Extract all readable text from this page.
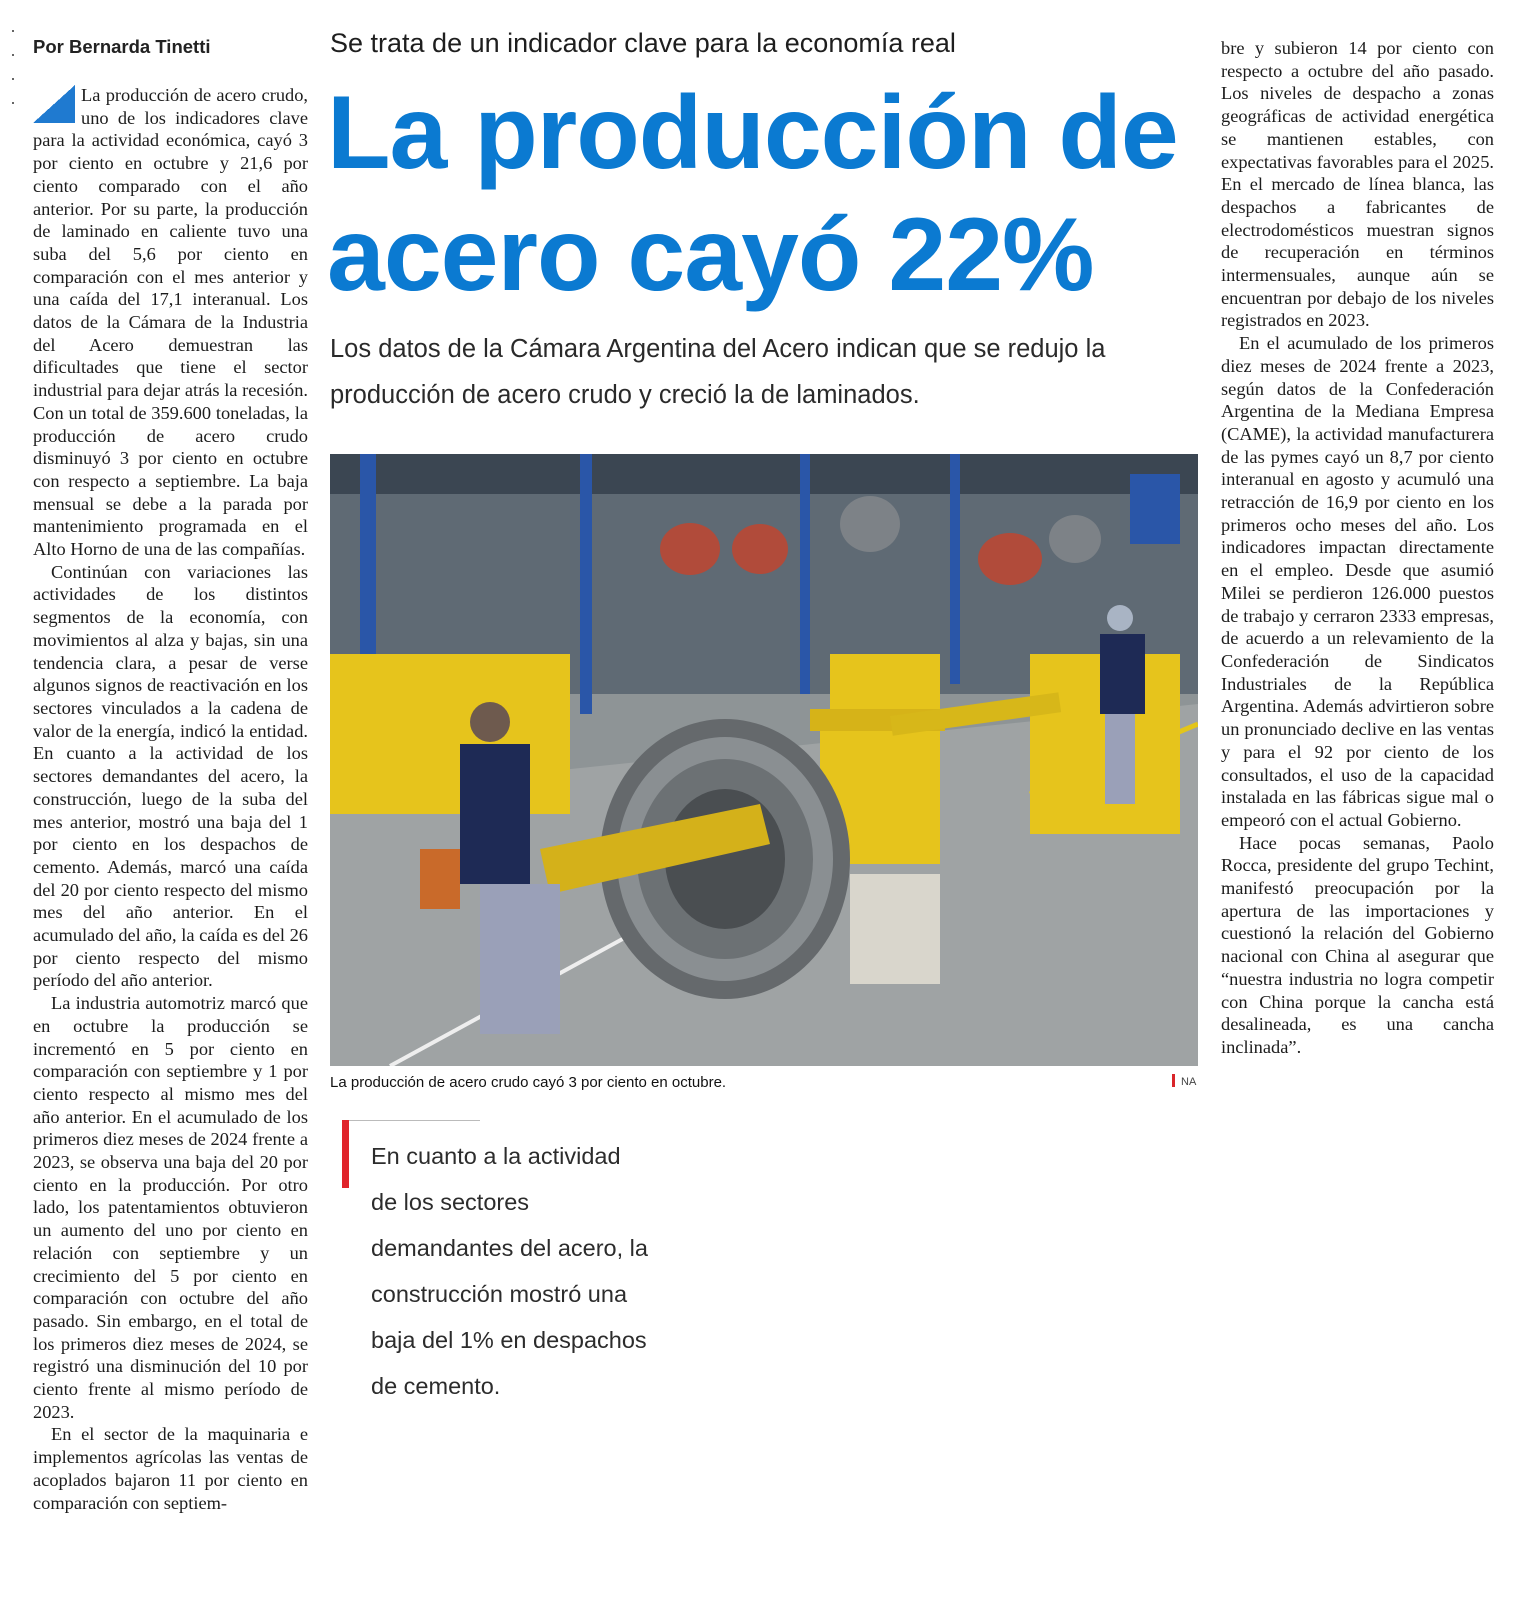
Por Bernarda Tinetti

La producción de acero crudo, uno de los indicadores clave para la actividad económica, cayó 3 por ciento en octubre y 21,6 por ciento comparado con el año anterior. Por su parte, la producción de laminado en caliente tuvo una suba del 5,6 por ciento en comparación con el mes anterior y una caída del 17,1 interanual. Los datos de la Cámara de la Industria del Acero demuestran las dificultades que tiene el sector industrial para dejar atrás la recesión. Con un total de 359.600 toneladas, la producción de acero crudo disminuyó 3 por ciento en octubre con respecto a septiembre. La baja mensual se debe a la parada por mantenimiento programada en el Alto Horno de una de las compañías.

Continúan con variaciones las actividades de los distintos segmentos de la economía, con movimientos al alza y bajas, sin una tendencia clara, a pesar de verse algunos signos de reactivación en los sectores vinculados a la cadena de valor de la energía, indicó la entidad. En cuanto a la actividad de los sectores demandantes del acero, la construcción, luego de la suba del mes anterior, mostró una baja del 1 por ciento en los despachos de cemento. Además, marcó una caída del 20 por ciento respecto del mismo mes del año anterior. En el acumulado del año, la caída es del 26 por ciento respecto del mismo período del año anterior.

La industria automotriz marcó que en octubre la producción se incrementó en 5 por ciento en comparación con septiembre y 1 por ciento respecto al mismo mes del año anterior. En el acumulado de los primeros diez meses de 2024 frente a 2023, se observa una baja del 20 por ciento en la producción. Por otro lado, los patentamientos obtuvieron un aumento del uno por ciento en relación con septiembre y un crecimiento del 5 por ciento en comparación con octubre del año pasado. Sin embargo, en el total de los primeros diez meses de 2024, se registró una disminución del 10 por ciento frente al mismo período de 2023.

En el sector de la maquinaria e implementos agrícolas las ventas de acoplados bajaron 11 por ciento en comparación con septiem-

Se trata de un indicador clave para la economía real
La producción de acero cayó 22%
Los datos de la Cámara Argentina del Acero indican que se redujo la producción de acero crudo y creció la de laminados.
La producción de acero crudo cayó 3 por ciento en octubre.	NA
En cuanto a la actividad de los sectores demandantes del acero, la construcción mostró una baja del 1% en despachos de cemento.

bre y subieron 14 por ciento con respecto a octubre del año pasado. Los niveles de despacho a zonas geográficas de actividad energética se mantienen estables, con expectativas favorables para el 2025. En el mercado de línea blanca, las despachos a fabricantes de electrodomésticos muestran signos de recuperación en términos intermensuales, aunque aún se encuentran por debajo de los niveles registrados en 2023.

En el acumulado de los primeros diez meses de 2024 frente a 2023, según datos de la Confederación Argentina de la Mediana Empresa (CAME), la actividad manufacturera de las pymes cayó un 8,7 por ciento interanual en agosto y acumuló una retracción de 16,9 por ciento en los primeros ocho meses del año. Los indicadores impactan directamente en el empleo. Desde que asumió Milei se perdieron 126.000 puestos de trabajo y cerraron 2333 empresas, de acuerdo a un relevamiento de la Confederación de Sindicatos Industriales de la República Argentina. Además advirtieron sobre un pronunciado declive en las ventas y para el 92 por ciento de los consultados, el uso de la capacidad instalada en las fábricas sigue mal o empeoró con el actual Gobierno.

Hace pocas semanas, Paolo Rocca, presidente del grupo Techint, manifestó preocupación por la apertura de las importaciones y cuestionó la relación del Gobierno nacional con China al asegurar que “nuestra industria no logra competir con China porque la cancha está desalineada, es una cancha inclinada”.
